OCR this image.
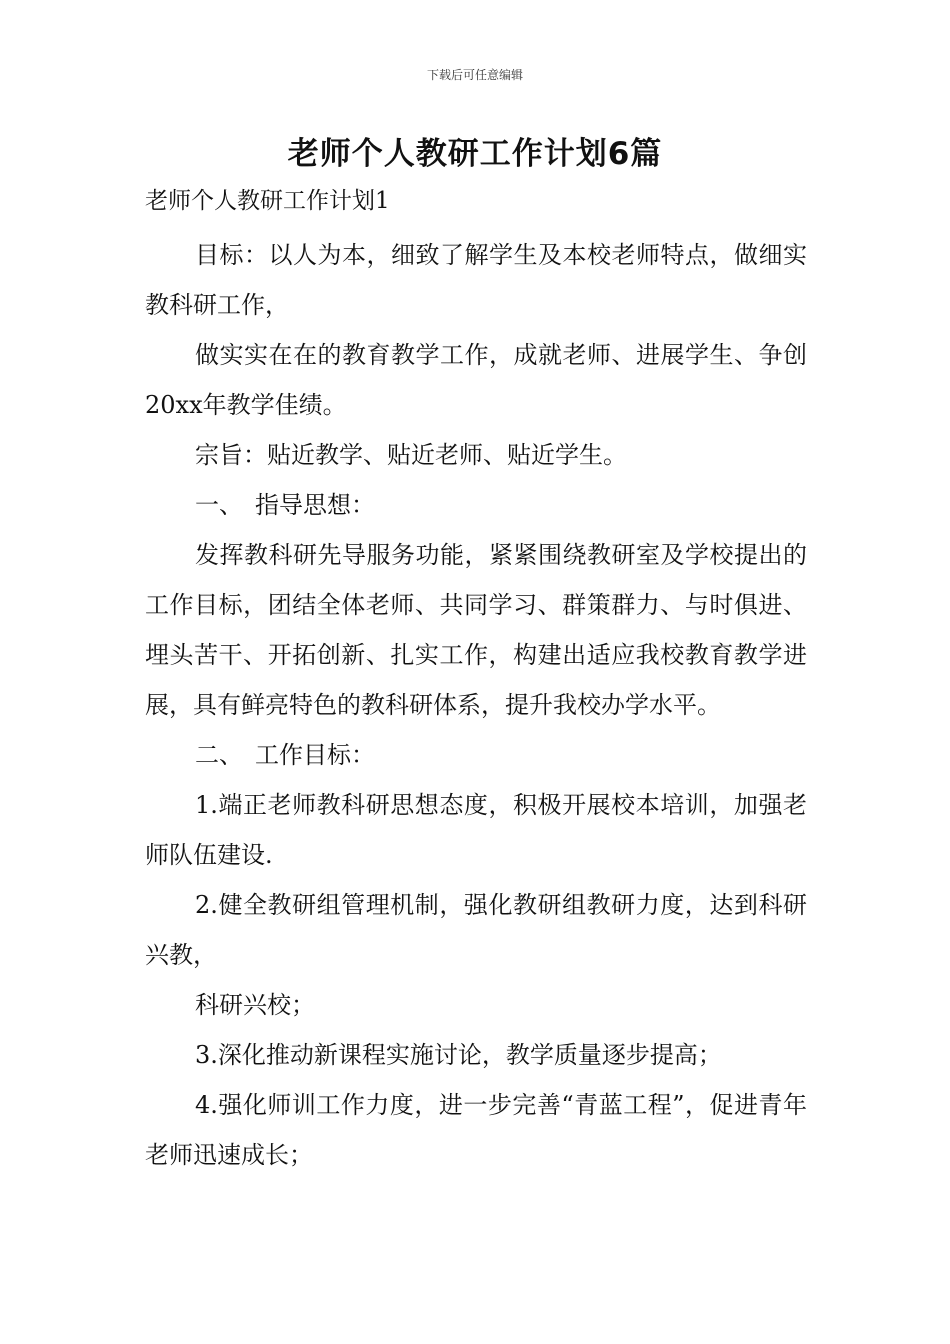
下载后可任意编辑
老师个人教研工作计划6篇

老师个人教研工作计划1

目标：以人为本，细致了解学生及本校老师特点，做细实教科研工作，

做实实在在的教育教学工作，成就老师、进展学生、争创20xx年教学佳绩。

宗旨：贴近教学、贴近老师、贴近学生。

一、　指导思想：

发挥教科研先导服务功能，紧紧围绕教研室及学校提出的工作目标，团结全体老师、共同学习、群策群力、与时俱进、埋头苦干、开拓创新、扎实工作，构建出适应我校教育教学进展，具有鲜亮特色的教科研体系，提升我校办学水平。

二、　工作目标：

1.端正老师教科研思想态度，积极开展校本培训，加强老师队伍建设.

2.健全教研组管理机制，强化教研组教研力度，达到科研兴教，

科研兴校；

3.深化推动新课程实施讨论，教学质量逐步提高；

4.强化师训工作力度，进一步完善“青蓝工程”，促进青年老师迅速成长；
